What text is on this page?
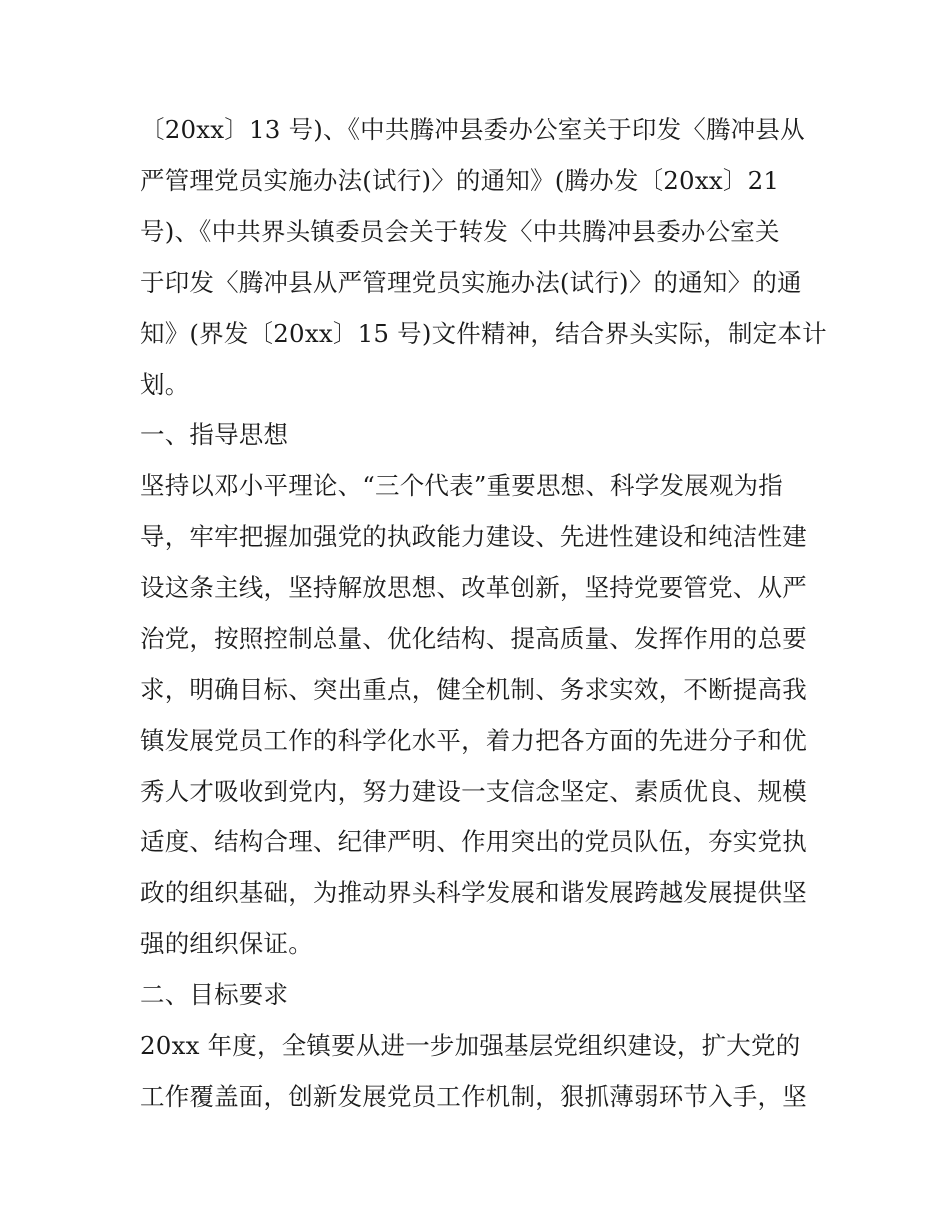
〔20xx〕13 号)、《中共腾冲县委办公室关于印发〈腾冲县从
严管理党员实施办法(试行)〉的通知》(腾办发〔20xx〕21
号)、《中共界头镇委员会关于转发〈中共腾冲县委办公室关
于印发〈腾冲县从严管理党员实施办法(试行)〉的通知〉的通
知》(界发〔20xx〕15 号)文件精神，结合界头实际，制定本计
划。
一、指导思想
坚持以邓小平理论、“三个代表”重要思想、科学发展观为指
导，牢牢把握加强党的执政能力建设、先进性建设和纯洁性建
设这条主线，坚持解放思想、改革创新，坚持党要管党、从严
治党，按照控制总量、优化结构、提高质量、发挥作用的总要
求，明确目标、突出重点，健全机制、务求实效，不断提高我
镇发展党员工作的科学化水平，着力把各方面的先进分子和优
秀人才吸收到党内，努力建设一支信念坚定、素质优良、规模
适度、结构合理、纪律严明、作用突出的党员队伍，夯实党执
政的组织基础，为推动界头科学发展和谐发展跨越发展提供坚
强的组织保证。
二、目标要求
20xx 年度，全镇要从进一步加强基层党组织建设，扩大党的
工作覆盖面，创新发展党员工作机制，狠抓薄弱环节入手，坚
